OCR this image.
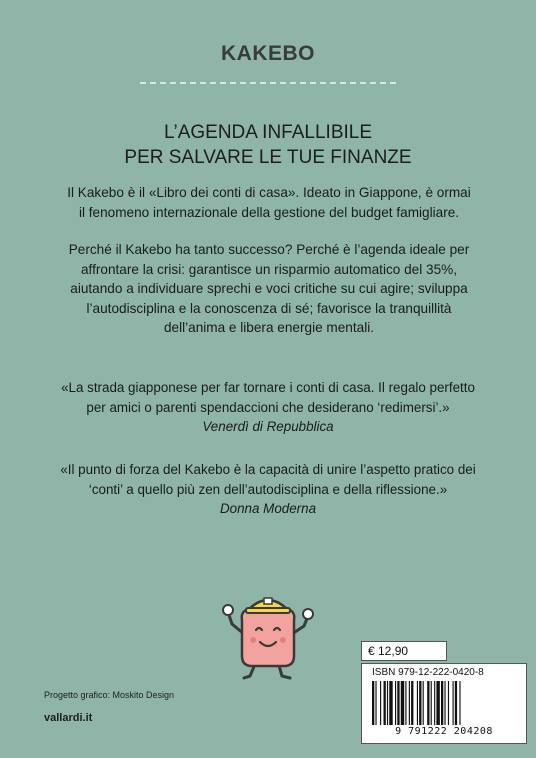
KAKEBO
L’AGENDA INFALLIBILE
PER SALVARE LE TUE FINANZE
Il Kakebo è il «Libro dei conti di casa». Ideato in Giappone, è ormai
il fenomeno internazionale della gestione del budget famigliare.
Perché il Kakebo ha tanto successo? Perché è l’agenda ideale per
affrontare la crisi: garantisce un risparmio automatico del 35%,
aiutando a individuare sprechi e voci critiche su cui agire; sviluppa
l’autodisciplina e la conoscenza di sé; favorisce la tranquillità
dell’anima e libera energie mentali.
«La strada giapponese per far tornare i conti di casa. Il regalo perfetto
per amici o parenti spendaccioni che desiderano ‘redimersi’.»
Venerdì di Repubblica
«Il punto di forza del Kakebo è la capacità di unire l’aspetto pratico dei
‘conti’ a quello più zen dell’autodisciplina e della riflessione.»
Donna Moderna
€ 12,90
ISBN 979-12-222-0420-8
9 791222 204208
Progetto grafico: Moskito Design
vallardi.it
